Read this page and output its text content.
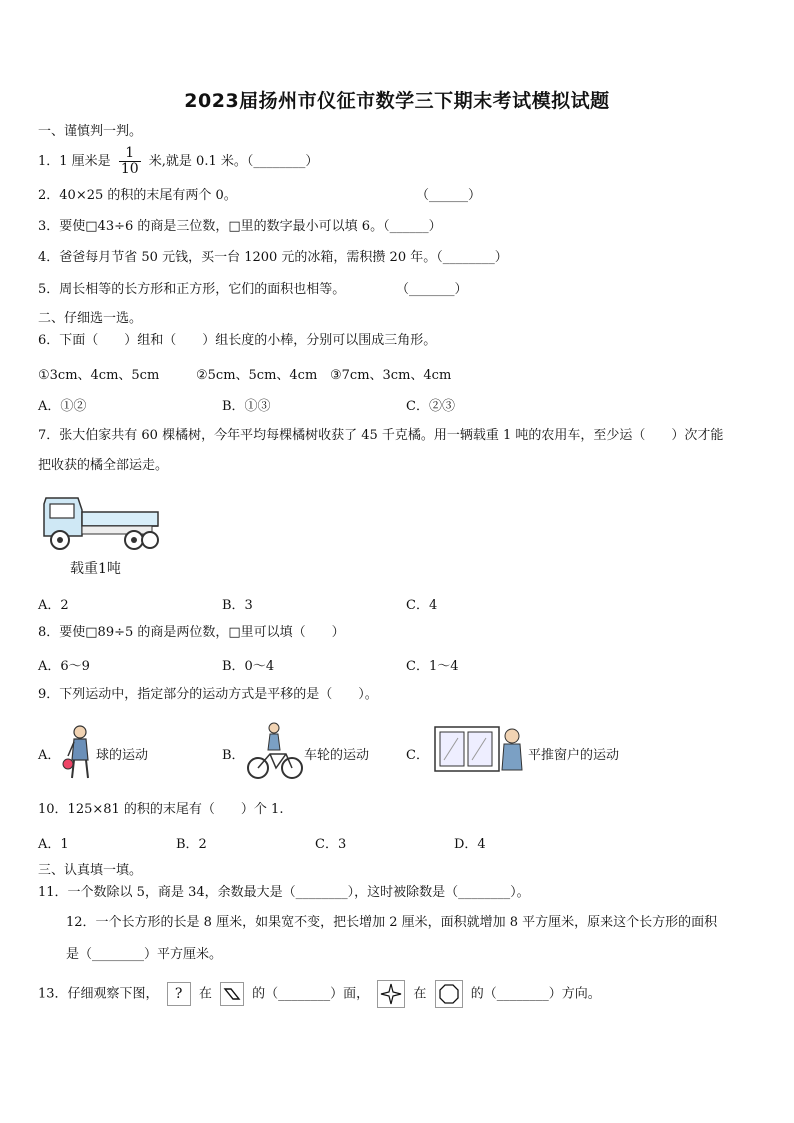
2023届扬州市仪征市数学三下期末考试模拟试题
一、谨慎判一判。
1．1 厘米是 $\frac{1}{10}$ 米,就是 0.1 米。（________）
2．40×25 的积的末尾有两个 0。	（______）
3．要使□43÷6 的商是三位数，□里的数字最小可以填 6。（______）
4．爸爸每月节省 50 元钱，买一台 1200 元的冰箱，需积攒 20 年。（________）
5．周长相等的长方形和正方形，它们的面积也相等。	（_______）
二、仔细选一选。
6．下面（　　）组和（　　）组长度的小棒，分别可以围成三角形。
①3cm、4cm、5cm	②5cm、5cm、4cm ③7cm、3cm、4cm
A．①②	B．①③	C．②③
7．张大伯家共有 60 棵橘树，今年平均每棵橘树收获了 45 千克橘。用一辆载重 1 吨的农用车，至少运（　　）次才能
把收获的橘全部运走。
载重1吨
A．2	B．3	C．4
8．要使□89÷5 的商是两位数，□里可以填（　　）
A．6～9	B．0～4	C．1～4
9．下列运动中，指定部分的运动方式是平移的是（　　）。
A．	球的运动	B．	车轮的运动	C．	平推窗户的运动
10．125×81 的积的末尾有（　　）个 1.
A．1	B．2	C．3	D．4
三、认真填一填。
11．一个数除以 5，商是 34，余数最大是（________），这时被除数是（________）。
12．一个长方形的长是 8 厘米，如果宽不变，把长增加 2 厘米，面积就增加 8 平方厘米，原来这个长方形的面积
是（________）平方厘米。
13．仔细观察下图， ? 在	的（________）面，	在	的（________）方向。
